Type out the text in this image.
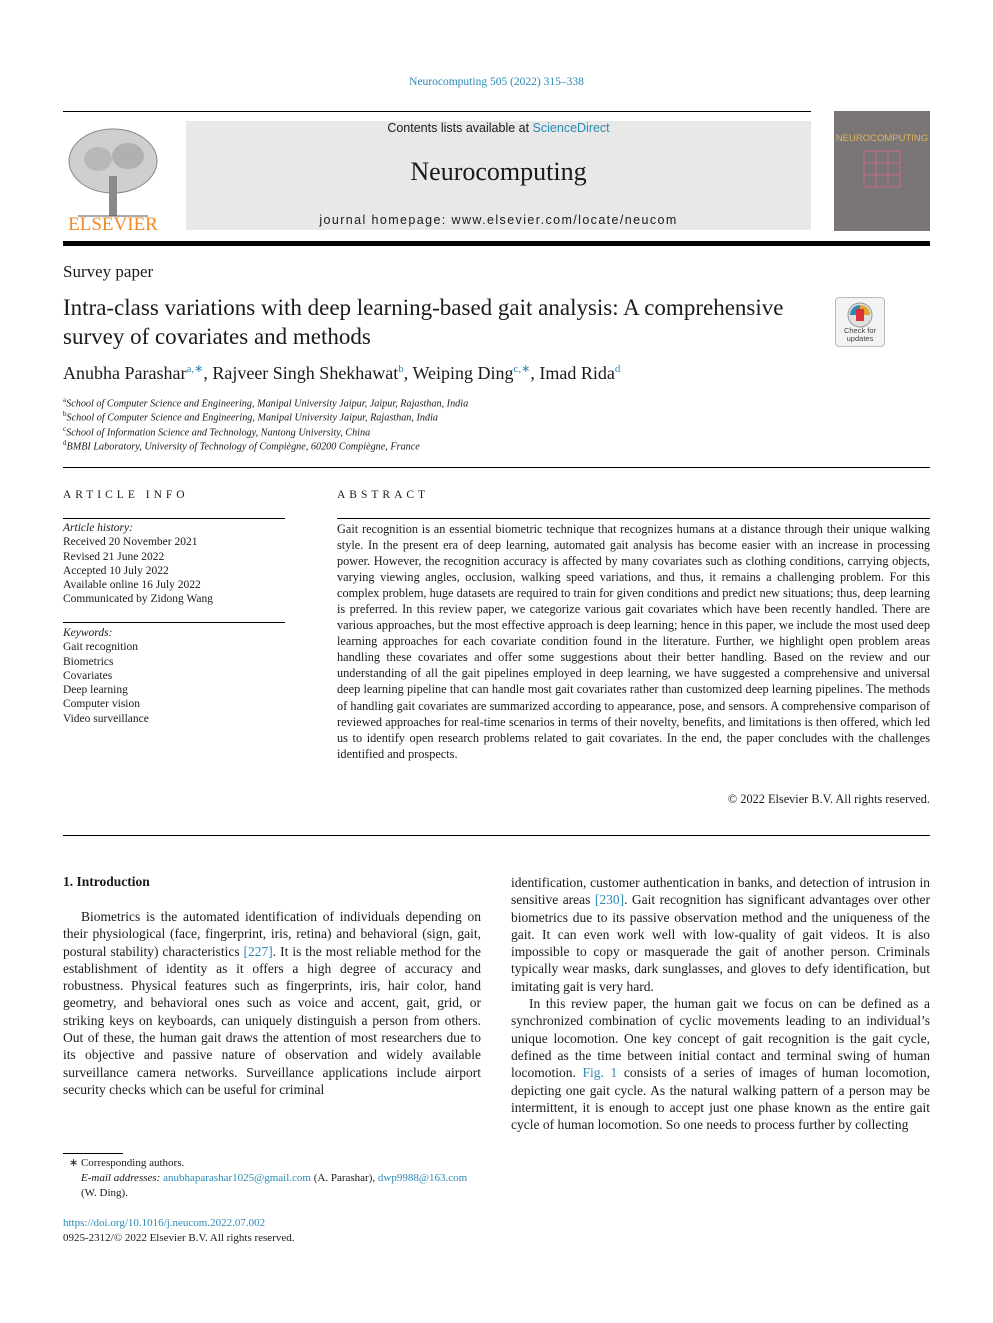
Neurocomputing 505 (2022) 315–338
ELSEVIER
Contents lists available at ScienceDirect
Neurocomputing
journal homepage: www.elsevier.com/locate/neucom
NEUROCOMPUTING
Survey paper
Intra-class variations with deep learning-based gait analysis: A comprehensive survey of covariates and methods	Check for updates
Anubha Parashar$^{a,∗}$, Rajveer Singh Shekhawat$^b$, Weiping Ding$^{c,∗}$, Imad Rida$^d$
$^a$School of Computer Science and Engineering, Manipal University Jaipur, Jaipur, Rajasthan, India
$^b$School of Computer Science and Engineering, Manipal University Jaipur, Rajasthan, India
$^c$School of Information Science and Technology, Nantong University, China
$^d$BMBI Laboratory, University of Technology of Compiègne, 60200 Compiègne, France
ARTICLE INFO
Article history:
Received 20 November 2021
Revised 21 June 2022
Accepted 10 July 2022
Available online 16 July 2022
Communicated by Zidong Wang
Keywords:
Gait recognition
Biometrics
Covariates
Deep learning
Computer vision
Video surveillance
ABSTRACT
Gait recognition is an essential biometric technique that recognizes humans at a distance through their unique walking style. In the present era of deep learning, automated gait analysis has become easier with an increase in processing power. However, the recognition accuracy is affected by many covariates such as clothing conditions, carrying objects, varying viewing angles, occlusion, walking speed variations, and thus, it remains a challenging problem. For this complex problem, huge datasets are required to train for given conditions and predict new situations; thus, deep learning is preferred. In this review paper, we categorize various gait covariates which have been recently handled. There are various approaches, but the most effective approach is deep learning; hence in this paper, we include the most used deep learning approaches for each covariate condition found in the literature. Further, we highlight open problem areas handling these covariates and offer some suggestions about their better handling. Based on the review and our understanding of all the gait pipelines employed in deep learning, we have suggested a comprehensive and universal deep learning pipeline that can handle most gait covariates rather than customized deep learning pipelines. The methods of handling gait covariates are summarized according to appearance, pose, and sensors. A comprehensive comparison of reviewed approaches for real-time scenarios in terms of their novelty, benefits, and limitations is then offered, which led us to identify open research problems related to gait covariates. In the end, the paper concludes with the challenges identified and prospects.
© 2022 Elsevier B.V. All rights reserved.
1. Introduction
Biometrics is the automated identification of individuals depending on their physiological (face, fingerprint, iris, retina) and behavioral (sign, gait, postural stability) characteristics [227]. It is the most reliable method for the establishment of identity as it offers a high degree of accuracy and robustness. Physical features such as fingerprints, iris, hair color, hand geometry, and behavioral ones such as voice and accent, gait, grid, or striking keys on keyboards, can uniquely distinguish a person from others. Out of these, the human gait draws the attention of most researchers due to its objective and passive nature of observation and widely available surveillance camera networks. Surveillance applications include airport security checks which can be useful for criminal
identification, customer authentication in banks, and detection of intrusion in sensitive areas [230]. Gait recognition has significant advantages over other biometrics due to its passive observation method and the uniqueness of the gait. It can even work well with low-quality of gait videos. It is also impossible to copy or masquerade the gait of another person. Criminals typically wear masks, dark sunglasses, and gloves to defy identification, but imitating gait is very hard.
In this review paper, the human gait we focus on can be defined as a synchronized combination of cyclic movements leading to an individual’s unique locomotion. One key concept of gait recognition is the gait cycle, defined as the time between initial contact and terminal swing of human locomotion. Fig. 1 consists of a series of images of human locomotion, depicting one gait cycle. As the natural walking pattern of a person may be intermittent, it is enough to accept just one phase known as the entire gait cycle of human locomotion. So one needs to process further by collecting
∗ Corresponding authors.
E-mail addresses: anubhaparashar1025@gmail.com (A. Parashar), dwp9988@163.com (W. Ding).
https://doi.org/10.1016/j.neucom.2022.07.002
0925-2312/© 2022 Elsevier B.V. All rights reserved.
